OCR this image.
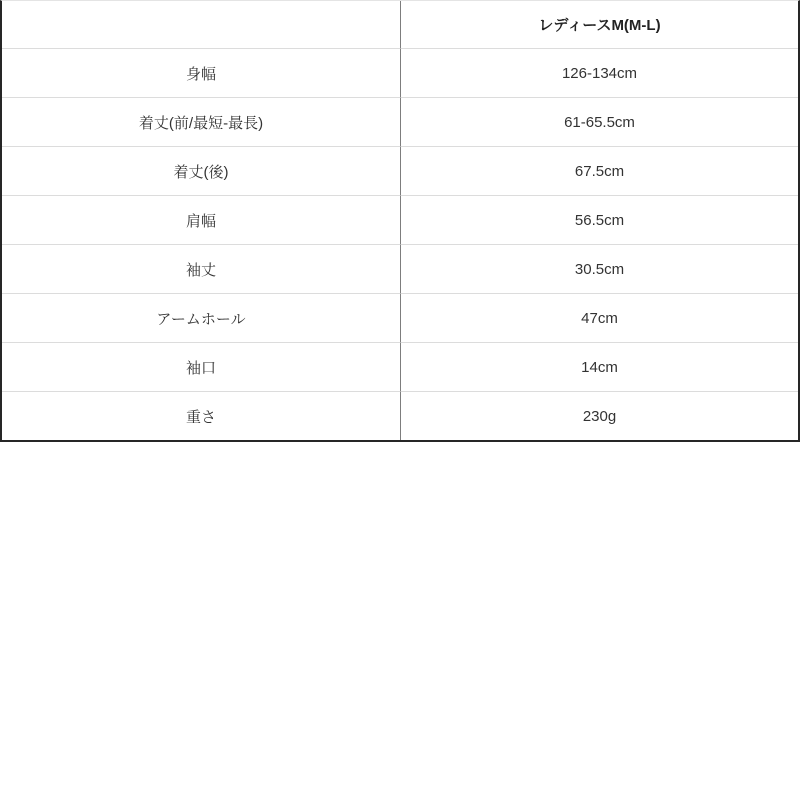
	レディースM(M-L)
身幅	126-134cm
着丈(前/最短-最長)	61-65.5cm
着丈(後)	67.5cm
肩幅	56.5cm
袖丈	30.5cm
アームホール	47cm
袖口	14cm
重さ	230g
